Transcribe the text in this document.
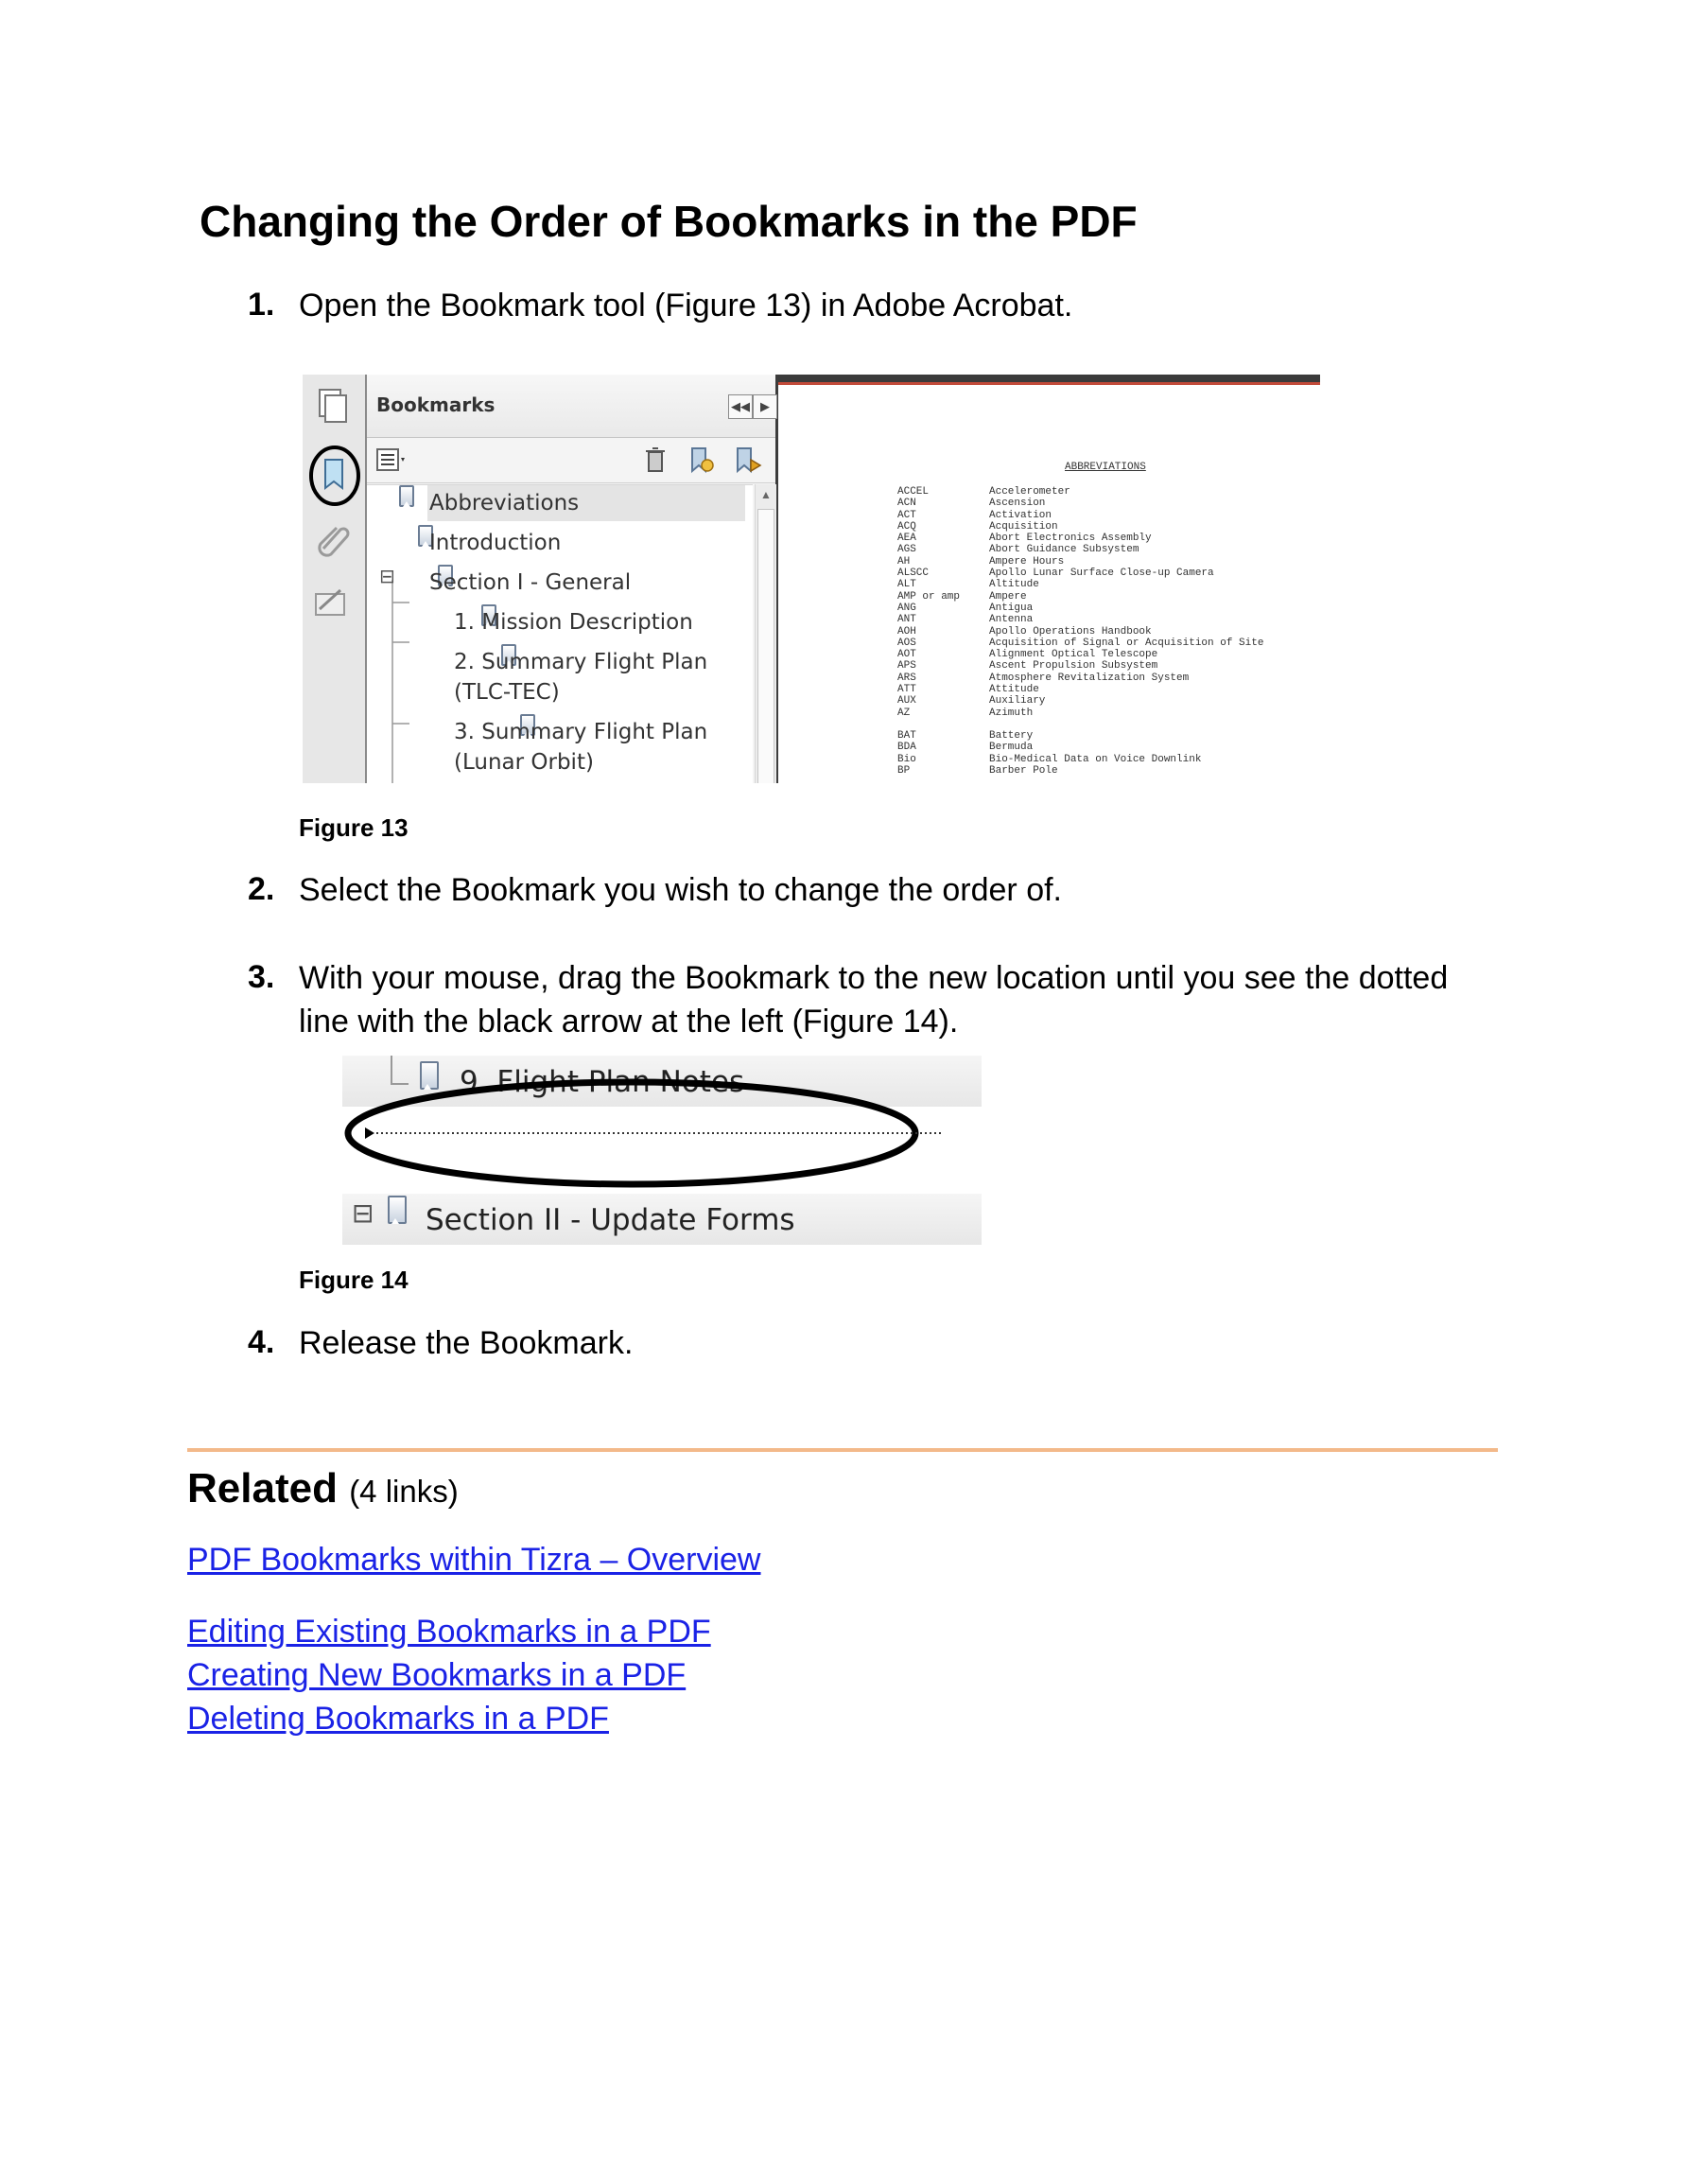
Changing the Order of Bookmarks in the PDF
1. Open the Bookmark tool (Figure 13) in Adobe Acrobat.
Bookmarks	◀◀ ▶

Abbreviations

Introduction
⊟
Section I - General

1. Mission Description

2. Summary Flight Plan
(TLC-TEC)
3. Summary Flight Plan
(Lunar Orbit)
▲
ABBREVIATIONS
ACCEL
ACN
ACT
ACQ
AEA
AGS
AH
ALSCC
ALT
AMP or amp
ANG
ANT
AOH
AOS
AOT
APS
ARS
ATT
AUX
AZ
Accelerometer
Ascension
Activation
Acquisition
Abort Electronics Assembly
Abort Guidance Subsystem
Ampere Hours
Apollo Lunar Surface Close-up Camera
Altitude
Ampere
Antigua
Antenna
Apollo Operations Handbook
Acquisition of Signal or Acquisition of Site
Alignment Optical Telescope
Ascent Propulsion Subsystem
Atmosphere Revitalization System
Attitude
Auxiliary
Azimuth
BAT
BDA
Bio
BP
Battery
Bermuda
Bio-Medical Data on Voice Downlink
Barber Pole
Figure 13
2. Select the Bookmark you wish to change the order of.
3. With your mouse, drag the Bookmark to the new location until you see the dotted
line with the black arrow at the left (Figure 14).
9. Flight Plan Notes
⊟ Section II - Update Forms
Figure 14
4. Release the Bookmark.
Related (4 links)
PDF Bookmarks within Tizra – Overview
Editing Existing Bookmarks in a PDF
Creating New Bookmarks in a PDF
Deleting Bookmarks in a PDF
